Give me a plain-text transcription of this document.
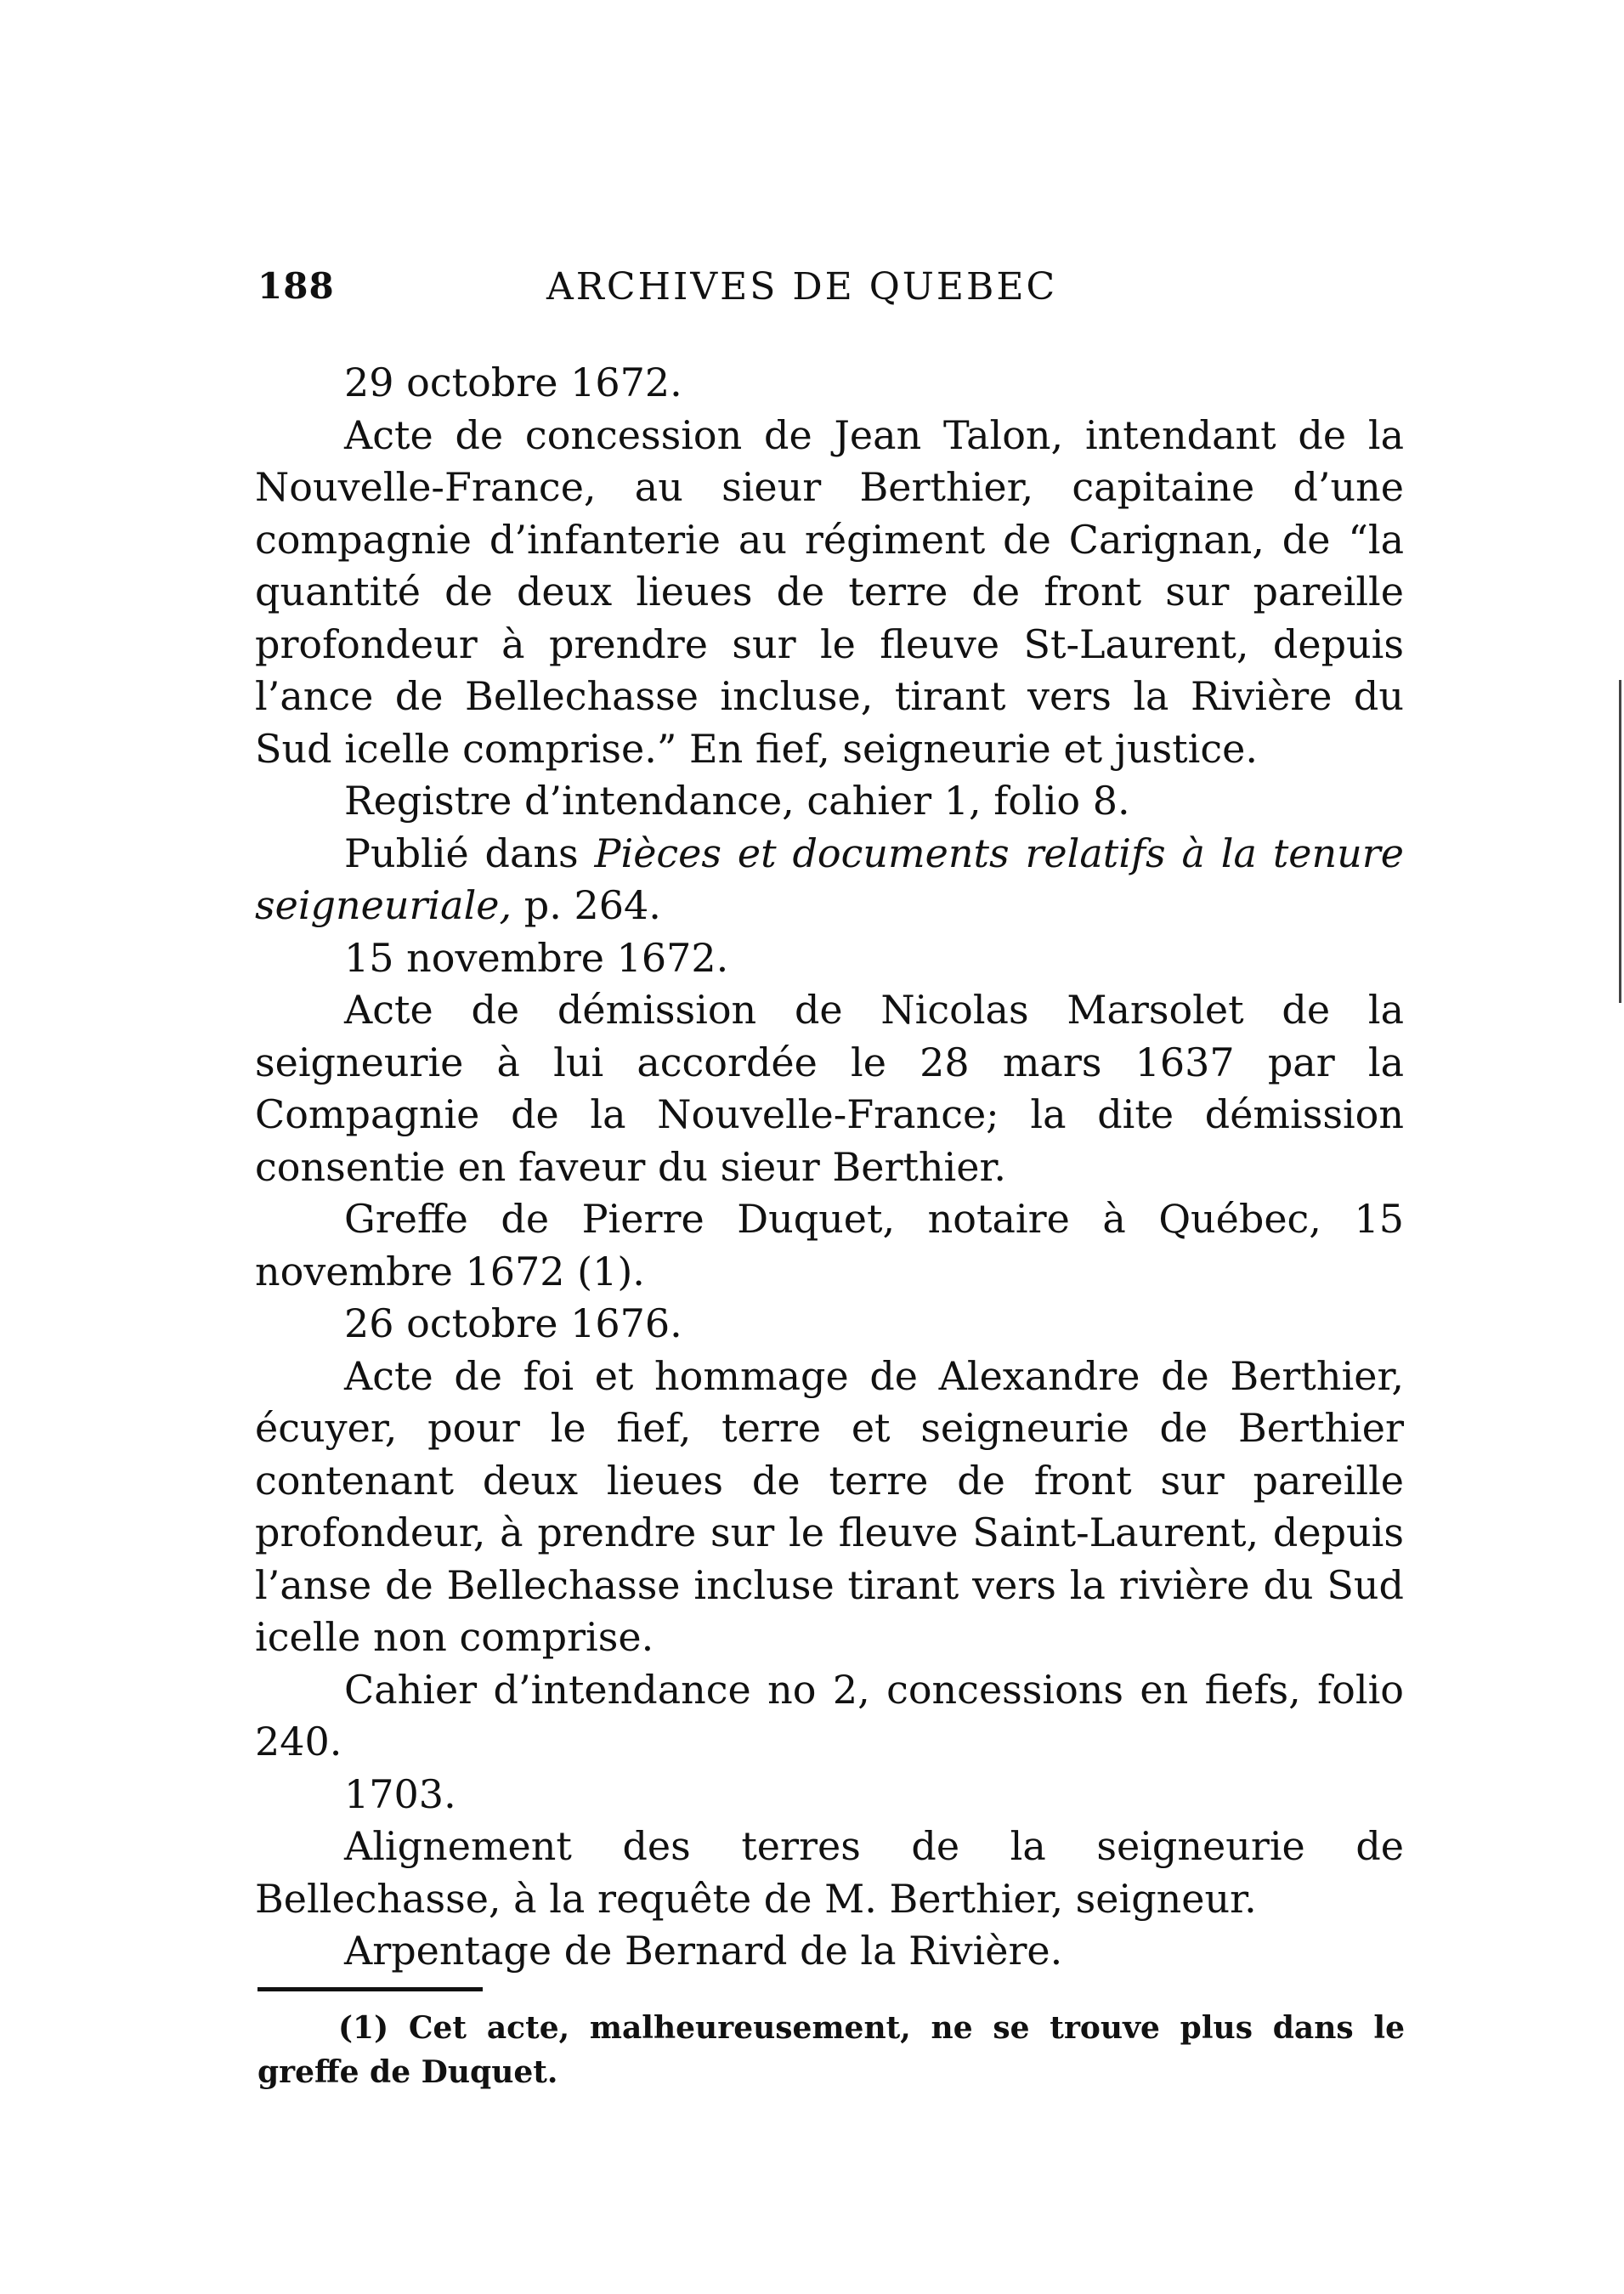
188	ARCHIVES DE QUEBEC

29 octobre 1672.

Acte de concession de Jean Talon, intendant de la Nouvelle-France, au sieur Berthier, capitaine d’une compagnie d’infanterie au régiment de Carignan, de “la quantité de deux lieues de terre de front sur pareille profondeur à prendre sur le fleuve St-Laurent, depuis l’ance de Bellechasse incluse, tirant vers la Rivière du Sud icelle comprise.” En fief, seigneurie et justice.

Registre d’intendance, cahier 1, folio 8.

Publié dans Pièces et documents relatifs à la tenure seigneuriale, p. 264.

15 novembre 1672.

Acte de démission de Nicolas Marsolet de la seigneurie à lui accordée le 28 mars 1637 par la Compagnie de la Nouvelle-France; la dite démission consentie en faveur du sieur Berthier.

Greffe de Pierre Duquet, notaire à Québec, 15 novembre 1672 (1).

26 octobre 1676.

Acte de foi et hommage de Alexandre de Berthier, écuyer, pour le fief, terre et seigneurie de Berthier contenant deux lieues de terre de front sur pareille profondeur, à prendre sur le fleuve Saint-Laurent, depuis l’anse de Bellechasse incluse tirant vers la rivière du Sud icelle non comprise.

Cahier d’intendance no 2, concessions en fiefs, folio 240.

1703.

Alignement des terres de la seigneurie de Bellechasse, à la requête de M. Berthier, seigneur.

Arpentage de Bernard de la Rivière.

(1) Cet acte, malheureusement, ne se trouve plus dans le greffe de Duquet.
